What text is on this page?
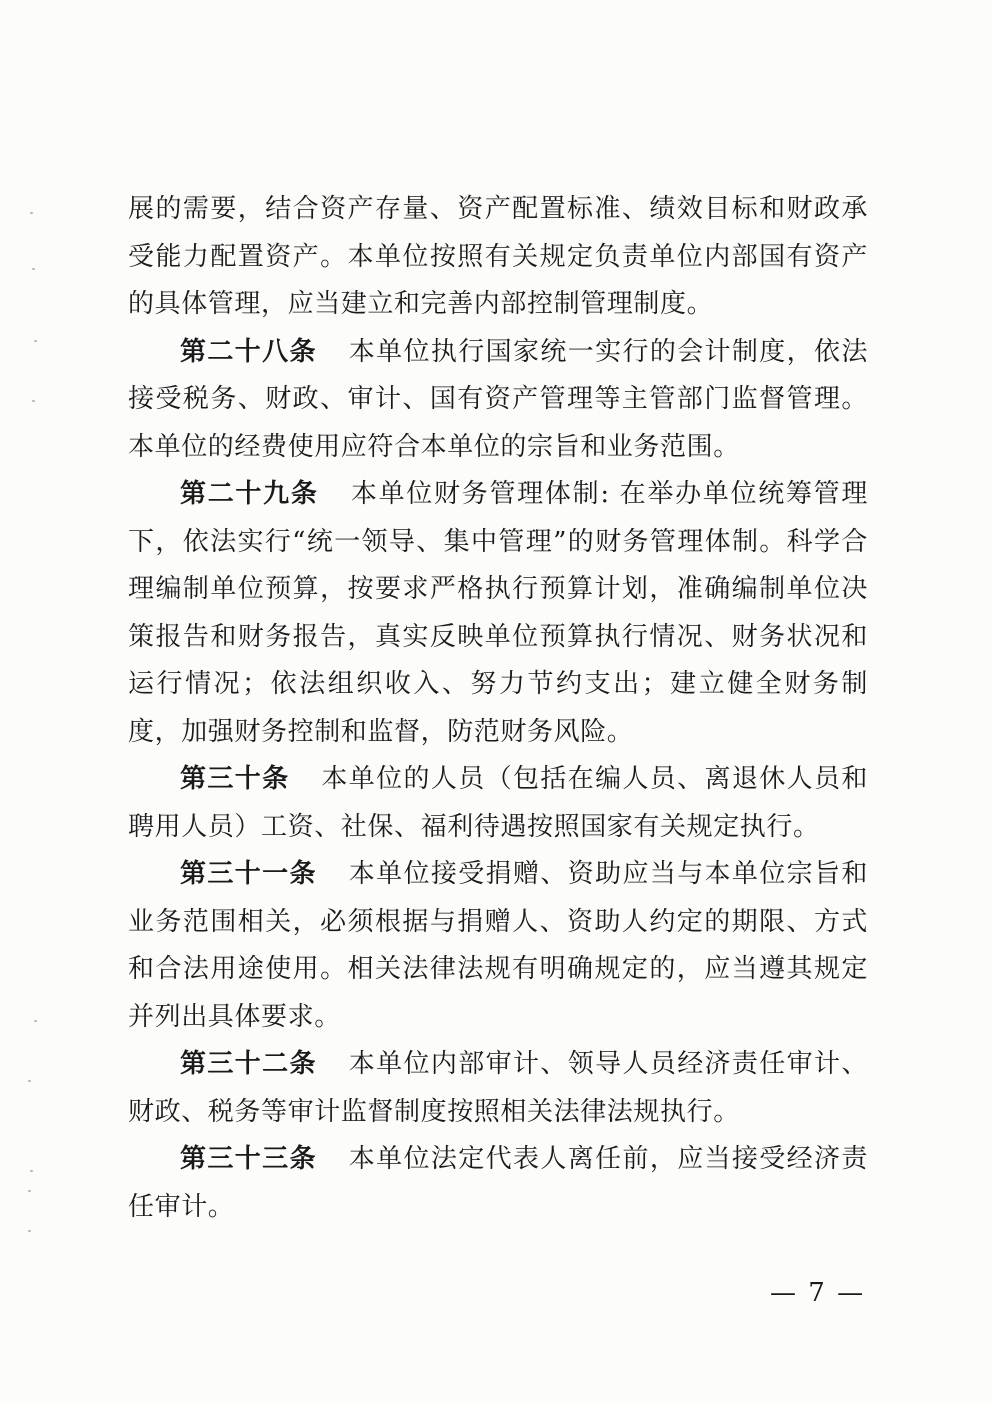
展的需要，结合资产存量、资产配置标准、绩效目标和财政承受能力配置资产。本单位按照有关规定负责单位内部国有资产的具体管理，应当建立和完善内部控制管理制度。

第二十八条 本单位执行国家统一实行的会计制度，依法接受税务、财政、审计、国有资产管理等主管部门监督管理。本单位的经费使用应符合本单位的宗旨和业务范围。

第二十九条 本单位财务管理体制: 在举办单位统筹管理下，依法实行“统一领导、集中管理”的财务管理体制。科学合理编制单位预算，按要求严格执行预算计划，准确编制单位决策报告和财务报告，真实反映单位预算执行情况、财务状况和运行情况；依法组织收入、努力节约支出；建立健全财务制度，加强财务控制和监督，防范财务风险。

第三十条 本单位的人员（包括在编人员、离退休人员和聘用人员）工资、社保、福利待遇按照国家有关规定执行。

第三十一条 本单位接受捐赠、资助应当与本单位宗旨和业务范围相关，必须根据与捐赠人、资助人约定的期限、方式和合法用途使用。相关法律法规有明确规定的，应当遵其规定并列出具体要求。

第三十二条 本单位内部审计、领导人员经济责任审计、财政、税务等审计监督制度按照相关法律法规执行。

第三十三条 本单位法定代表人离任前，应当接受经济责任审计。

— 7 —
